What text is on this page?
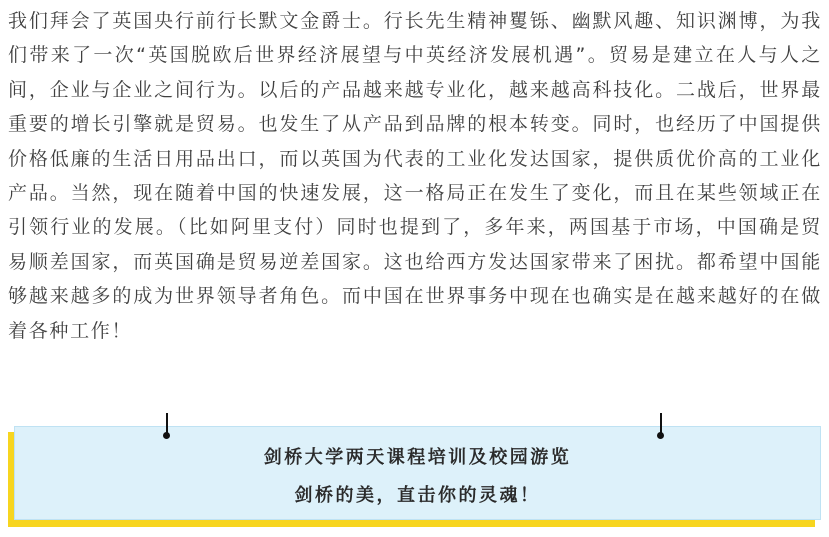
我们拜会了英国央行前行长默文金爵士。行长先生精神矍铄、幽默风趣、知识渊博，为我们带来了一次“英国脱欧后世界经济展望与中英经济发展机遇”。贸易是建立在人与人之间，企业与企业之间行为。以后的产品越来越专业化，越来越高科技化。二战后，世界最重要的增长引擎就是贸易。也发生了从产品到品牌的根本转变。同时，也经历了中国提供价格低廉的生活日用品出口，而以英国为代表的工业化发达国家，提供质优价高的工业化产品。当然，现在随着中国的快速发展，这一格局正在发生了变化，而且在某些领域正在引领行业的发展。（比如阿里支付）同时也提到了，多年来，两国基于市场，中国确是贸易顺差国家，而英国确是贸易逆差国家。这也给西方发达国家带来了困扰。都希望中国能够越来越多的成为世界领导者角色。而中国在世界事务中现在也确实是在越来越好的在做着各种工作！

剑桥大学两天课程培训及校园游览
剑桥的美，直击你的灵魂！
